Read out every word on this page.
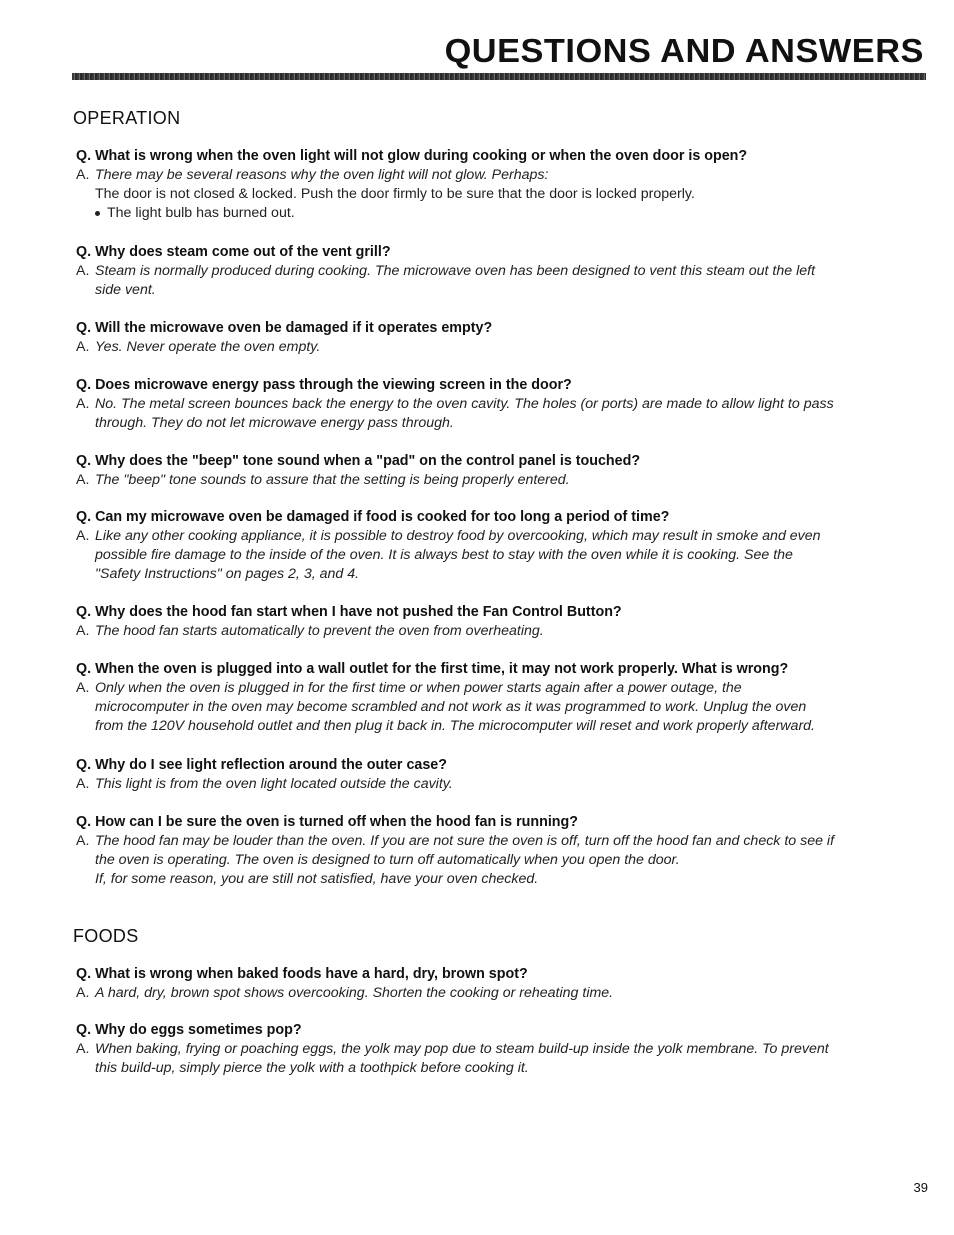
QUESTIONS AND ANSWERS
OPERATION
Q. What is wrong when the oven light will not glow during cooking or when the oven door is open?
A. There may be several reasons why the oven light will not glow. Perhaps:
The door is not closed & locked. Push the door firmly to be sure that the door is locked properly.
The light bulb has burned out.
Q. Why does steam come out of the vent grill?
A. Steam is normally produced during cooking. The microwave oven has been designed to vent this steam out the left
side vent.
Q. Will the microwave oven be damaged if it operates empty?
A. Yes. Never operate the oven empty.
Q. Does microwave energy pass through the viewing screen in the door?
A. No. The metal screen bounces back the energy to the oven cavity. The holes (or ports) are made to allow light to pass
through. They do not let microwave energy pass through.
Q. Why does the "beep" tone sound when a "pad" on the control panel is touched?
A. The "beep" tone sounds to assure that the setting is being properly entered.
Q. Can my microwave oven be damaged if food is cooked for too long a period of time?
A. Like any other cooking appliance, it is possible to destroy food by overcooking, which may result in smoke and even
possible fire damage to the inside of the oven. It is always best to stay with the oven while it is cooking. See the
"Safety Instructions" on pages 2, 3, and 4.
Q. Why does the hood fan start when I have not pushed the Fan Control Button?
A. The hood fan starts automatically to prevent the oven from overheating.
Q. When the oven is plugged into a wall outlet for the first time, it may not work properly. What is wrong?
A. Only when the oven is plugged in for the first time or when power starts again after a power outage, the
microcomputer in the oven may become scrambled and not work as it was programmed to work. Unplug the oven
from the 120V household outlet and then plug it back in. The microcomputer will reset and work properly afterward.
Q. Why do I see light reflection around the outer case?
A. This light is from the oven light located outside the cavity.
Q. How can I be sure the oven is turned off when the hood fan is running?
A. The hood fan may be louder than the oven. If you are not sure the oven is off, turn off the hood fan and check to see if
the oven is operating. The oven is designed to turn off automatically when you open the door.
If, for some reason, you are still not satisfied, have your oven checked.
FOODS
Q. What is wrong when baked foods have a hard, dry, brown spot?
A. A hard, dry, brown spot shows overcooking. Shorten the cooking or reheating time.
Q. Why do eggs sometimes pop?
A. When baking, frying or poaching eggs, the yolk may pop due to steam build-up inside the yolk membrane. To prevent
this build-up, simply pierce the yolk with a toothpick before cooking it.
39
